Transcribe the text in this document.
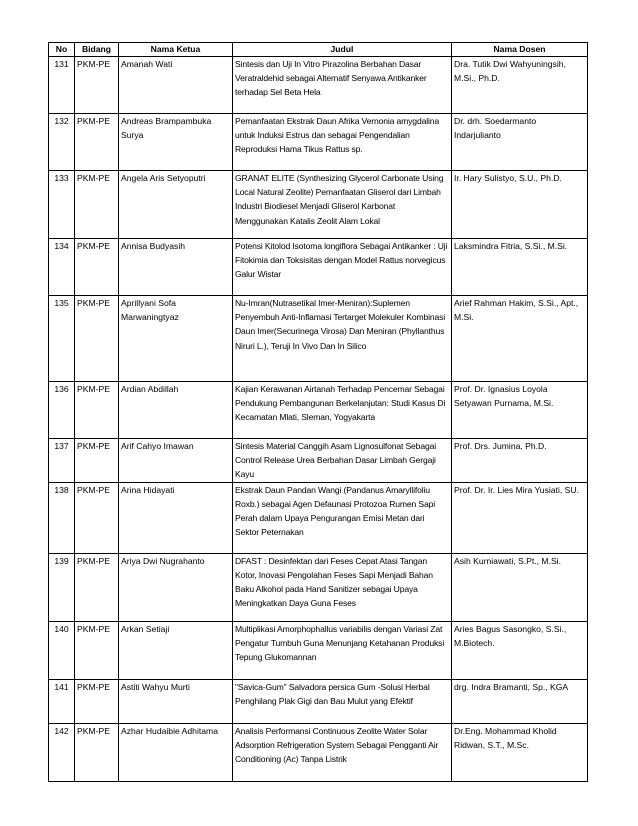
No	Bidang	Nama Ketua	Judul	Nama Dosen
131	PKM-PE	Amanah Wati	Sintesis dan Uji In Vitro Pirazolina Berbahan Dasar Veratraldehid sebagai Alternatif Senyawa Antikanker terhadap Sel Beta Hela	Dra. Tutik Dwi Wahyuningsih, M.Si., Ph.D.
132	PKM-PE	Andreas Brampambuka Surya	Pemanfaatan Ekstrak Daun Afrika Vernonia amygdalina untuk Induksi Estrus dan sebagai Pengendalian Reproduksi Hama Tikus Rattus sp.	Dr. drh. Soedarmanto Indarjulianto
133	PKM-PE	Angela Aris Setyoputri	GRANAT ELITE (Synthesizing Glycerol Carbonate Using Local Natural Zeolite) Pemanfaatan Gliserol dari Limbah Industri Biodiesel Menjadi Gliserol Karbonat Menggunakan Katalis Zeolit Alam Lokal	Ir. Hary Sulistyo, S.U., Ph.D.
134	PKM-PE	Annisa Budyasih	Potensi Kitolod Isotoma longiflora Sebagai Antikanker : Uji Fitokimia dan Toksisitas dengan Model Rattus norvegicus Galur Wistar	Laksmindra Fitria, S.Si., M.Si.
135	PKM-PE	Aprillyani Sofa Marwaningtyaz	Nu-Imran(Nutrasetikal Imer-Meniran):Suplemen Penyembuh Anti-Inflamasi Tertarget Molekuler Kombinasi Daun Imer(Securinega Virosa) Dan Meniran (Phyllanthus Niruri L.), Teruji In Vivo Dan In Silico	Arief Rahman Hakim, S.Si., Apt., M.Si.
136	PKM-PE	Ardian Abdillah	Kajian Kerawanan Airtanah Terhadap Pencemar Sebagai Pendukung Pembangunan Berkelanjutan: Studi Kasus Di Kecamatan Mlati, Sleman, Yogyakarta	Prof. Dr. Ignasius Loyola Setyawan Purnama, M.Si.
137	PKM-PE	Arif Cahyo Imawan	Sintesis Material Canggih Asam Lignosulfonat Sebagai Control Release Urea Berbahan Dasar Limbah Gergaji Kayu	Prof. Drs. Jumina, Ph.D.
138	PKM-PE	Arina Hidayati	Ekstrak Daun Pandan Wangi (Pandanus Amaryllifoliu Roxb.) sebagai Agen Defaunasi Protozoa Rumen Sapi Perah dalam Upaya Pengurangan Emisi Metan dari Sektor Peternakan	Prof. Dr. Ir. Lies Mira Yusiati, SU.
139	PKM-PE	Ariya Dwi Nugrahanto	DFAST : Desinfektan dari Feses Cepat Atasi Tangan Kotor, Inovasi Pengolahan Feses Sapi Menjadi Bahan Baku Alkohol pada Hand Sanitizer sebagai Upaya Meningkatkan Daya Guna Feses	Asih Kurniawati, S.Pt., M.Si.
140	PKM-PE	Arkan Setiaji	Multiplikasi Amorphophallus variabilis dengan Variasi Zat Pengatur Tumbuh Guna Menunjang Ketahanan Produksi Tepung Glukomannan	Aries Bagus Sasongko, S.Si., M.Biotech.
141	PKM-PE	Astiti Wahyu Murti	"Savica-Gum" Salvadora persica Gum -Solusi Herbal Penghilang Plak Gigi dan Bau Mulut yang Efektif	drg. Indra Bramanti, Sp., KGA
142	PKM-PE	Azhar Hudaibie Adhitama	Analisis Performansi Continuous Zeolite Water Solar Adsorption Refrigeration System Sebagai Pengganti Air Conditioning (Ac) Tanpa Listrik	Dr.Eng. Mohammad Kholid Ridwan, S.T., M.Sc.
